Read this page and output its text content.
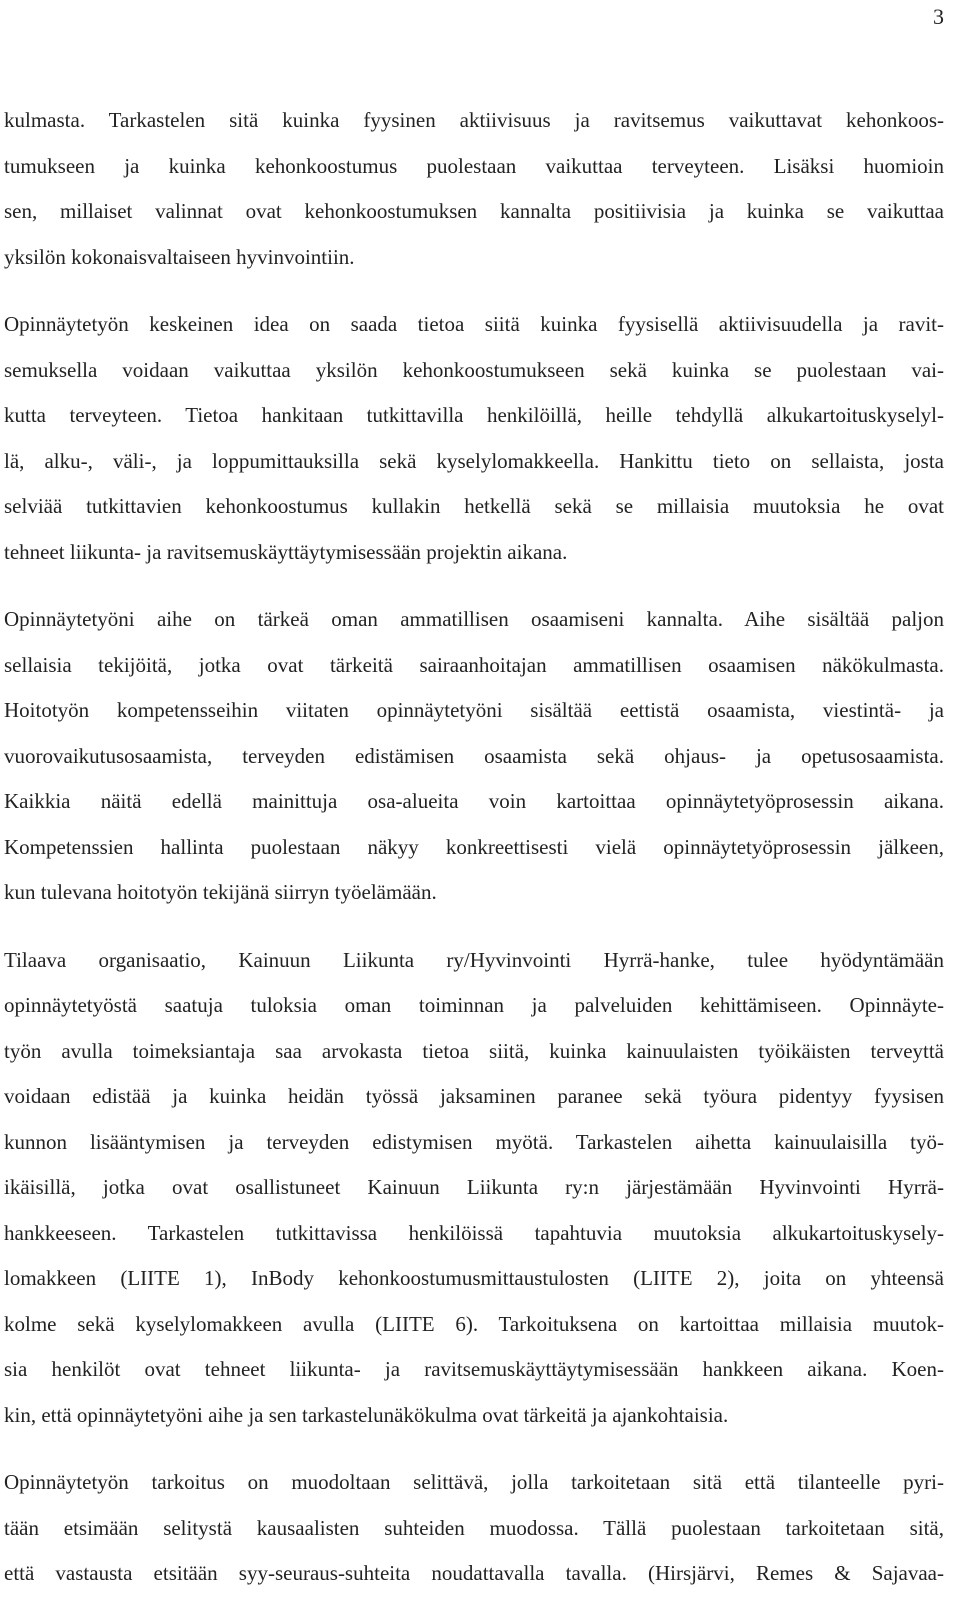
3
kulmasta. Tarkastelen sitä kuinka fyysinen aktiivisuus ja ravitsemus vaikuttavat kehonkoos-
tumukseen ja kuinka kehonkoostumus puolestaan vaikuttaa terveyteen. Lisäksi huomioin
sen, millaiset valinnat ovat kehonkoostumuksen kannalta positiivisia ja kuinka se vaikuttaa
yksilön kokonaisvaltaiseen hyvinvointiin.
Opinnäytetyön keskeinen idea on saada tietoa siitä kuinka fyysisellä aktiivisuudella ja ravit-
semuksella voidaan vaikuttaa yksilön kehonkoostumukseen sekä kuinka se puolestaan vai-
kutta terveyteen. Tietoa hankitaan tutkittavilla henkilöillä, heille tehdyllä alkukartoituskyselyl-
lä, alku-, väli-, ja loppumittauksilla sekä kyselylomakkeella. Hankittu tieto on sellaista, josta
selviää tutkittavien kehonkoostumus kullakin hetkellä sekä se millaisia muutoksia he ovat
tehneet liikunta- ja ravitsemuskäyttäytymisessään projektin aikana.
Opinnäytetyöni aihe on tärkeä oman ammatillisen osaamiseni kannalta. Aihe sisältää paljon
sellaisia tekijöitä, jotka ovat tärkeitä sairaanhoitajan ammatillisen osaamisen näkökulmasta.
Hoitotyön kompetensseihin viitaten opinnäytetyöni sisältää eettistä osaamista, viestintä- ja
vuorovaikutusosaamista, terveyden edistämisen osaamista sekä ohjaus- ja opetusosaamista.
Kaikkia näitä edellä mainittuja osa-alueita voin kartoittaa opinnäytetyöprosessin aikana.
Kompetenssien hallinta puolestaan näkyy konkreettisesti vielä opinnäytetyöprosessin jälkeen,
kun tulevana hoitotyön tekijänä siirryn työelämään.
Tilaava organisaatio, Kainuun Liikunta ry/Hyvinvointi Hyrrä-hanke, tulee hyödyntämään
opinnäytetyöstä saatuja tuloksia oman toiminnan ja palveluiden kehittämiseen. Opinnäyte-
työn avulla toimeksiantaja saa arvokasta tietoa siitä, kuinka kainuulaisten työikäisten terveyttä
voidaan edistää ja kuinka heidän työssä jaksaminen paranee sekä työura pidentyy fyysisen
kunnon lisääntymisen ja terveyden edistymisen myötä. Tarkastelen aihetta kainuulaisilla työ-
ikäisillä, jotka ovat osallistuneet Kainuun Liikunta ry:n järjestämään Hyvinvointi Hyrrä-
hankkeeseen. Tarkastelen tutkittavissa henkilöissä tapahtuvia muutoksia alkukartoituskysely-
lomakkeen (LIITE 1), InBody kehonkoostumusmittaustulosten (LIITE 2), joita on yhteensä
kolme sekä kyselylomakkeen avulla (LIITE 6). Tarkoituksena on kartoittaa millaisia muutok-
sia henkilöt ovat tehneet liikunta- ja ravitsemuskäyttäytymisessään hankkeen aikana. Koen-
kin, että opinnäytetyöni aihe ja sen tarkastelunäkökulma ovat tärkeitä ja ajankohtaisia.
Opinnäytetyön tarkoitus on muodoltaan selittävä, jolla tarkoitetaan sitä että tilanteelle pyri-
tään etsimään selitystä kausaalisten suhteiden muodossa. Tällä puolestaan tarkoitetaan sitä,
että vastausta etsitään syy-seuraus-suhteita noudattavalla tavalla. (Hirsjärvi, Remes & Sajavaa-
